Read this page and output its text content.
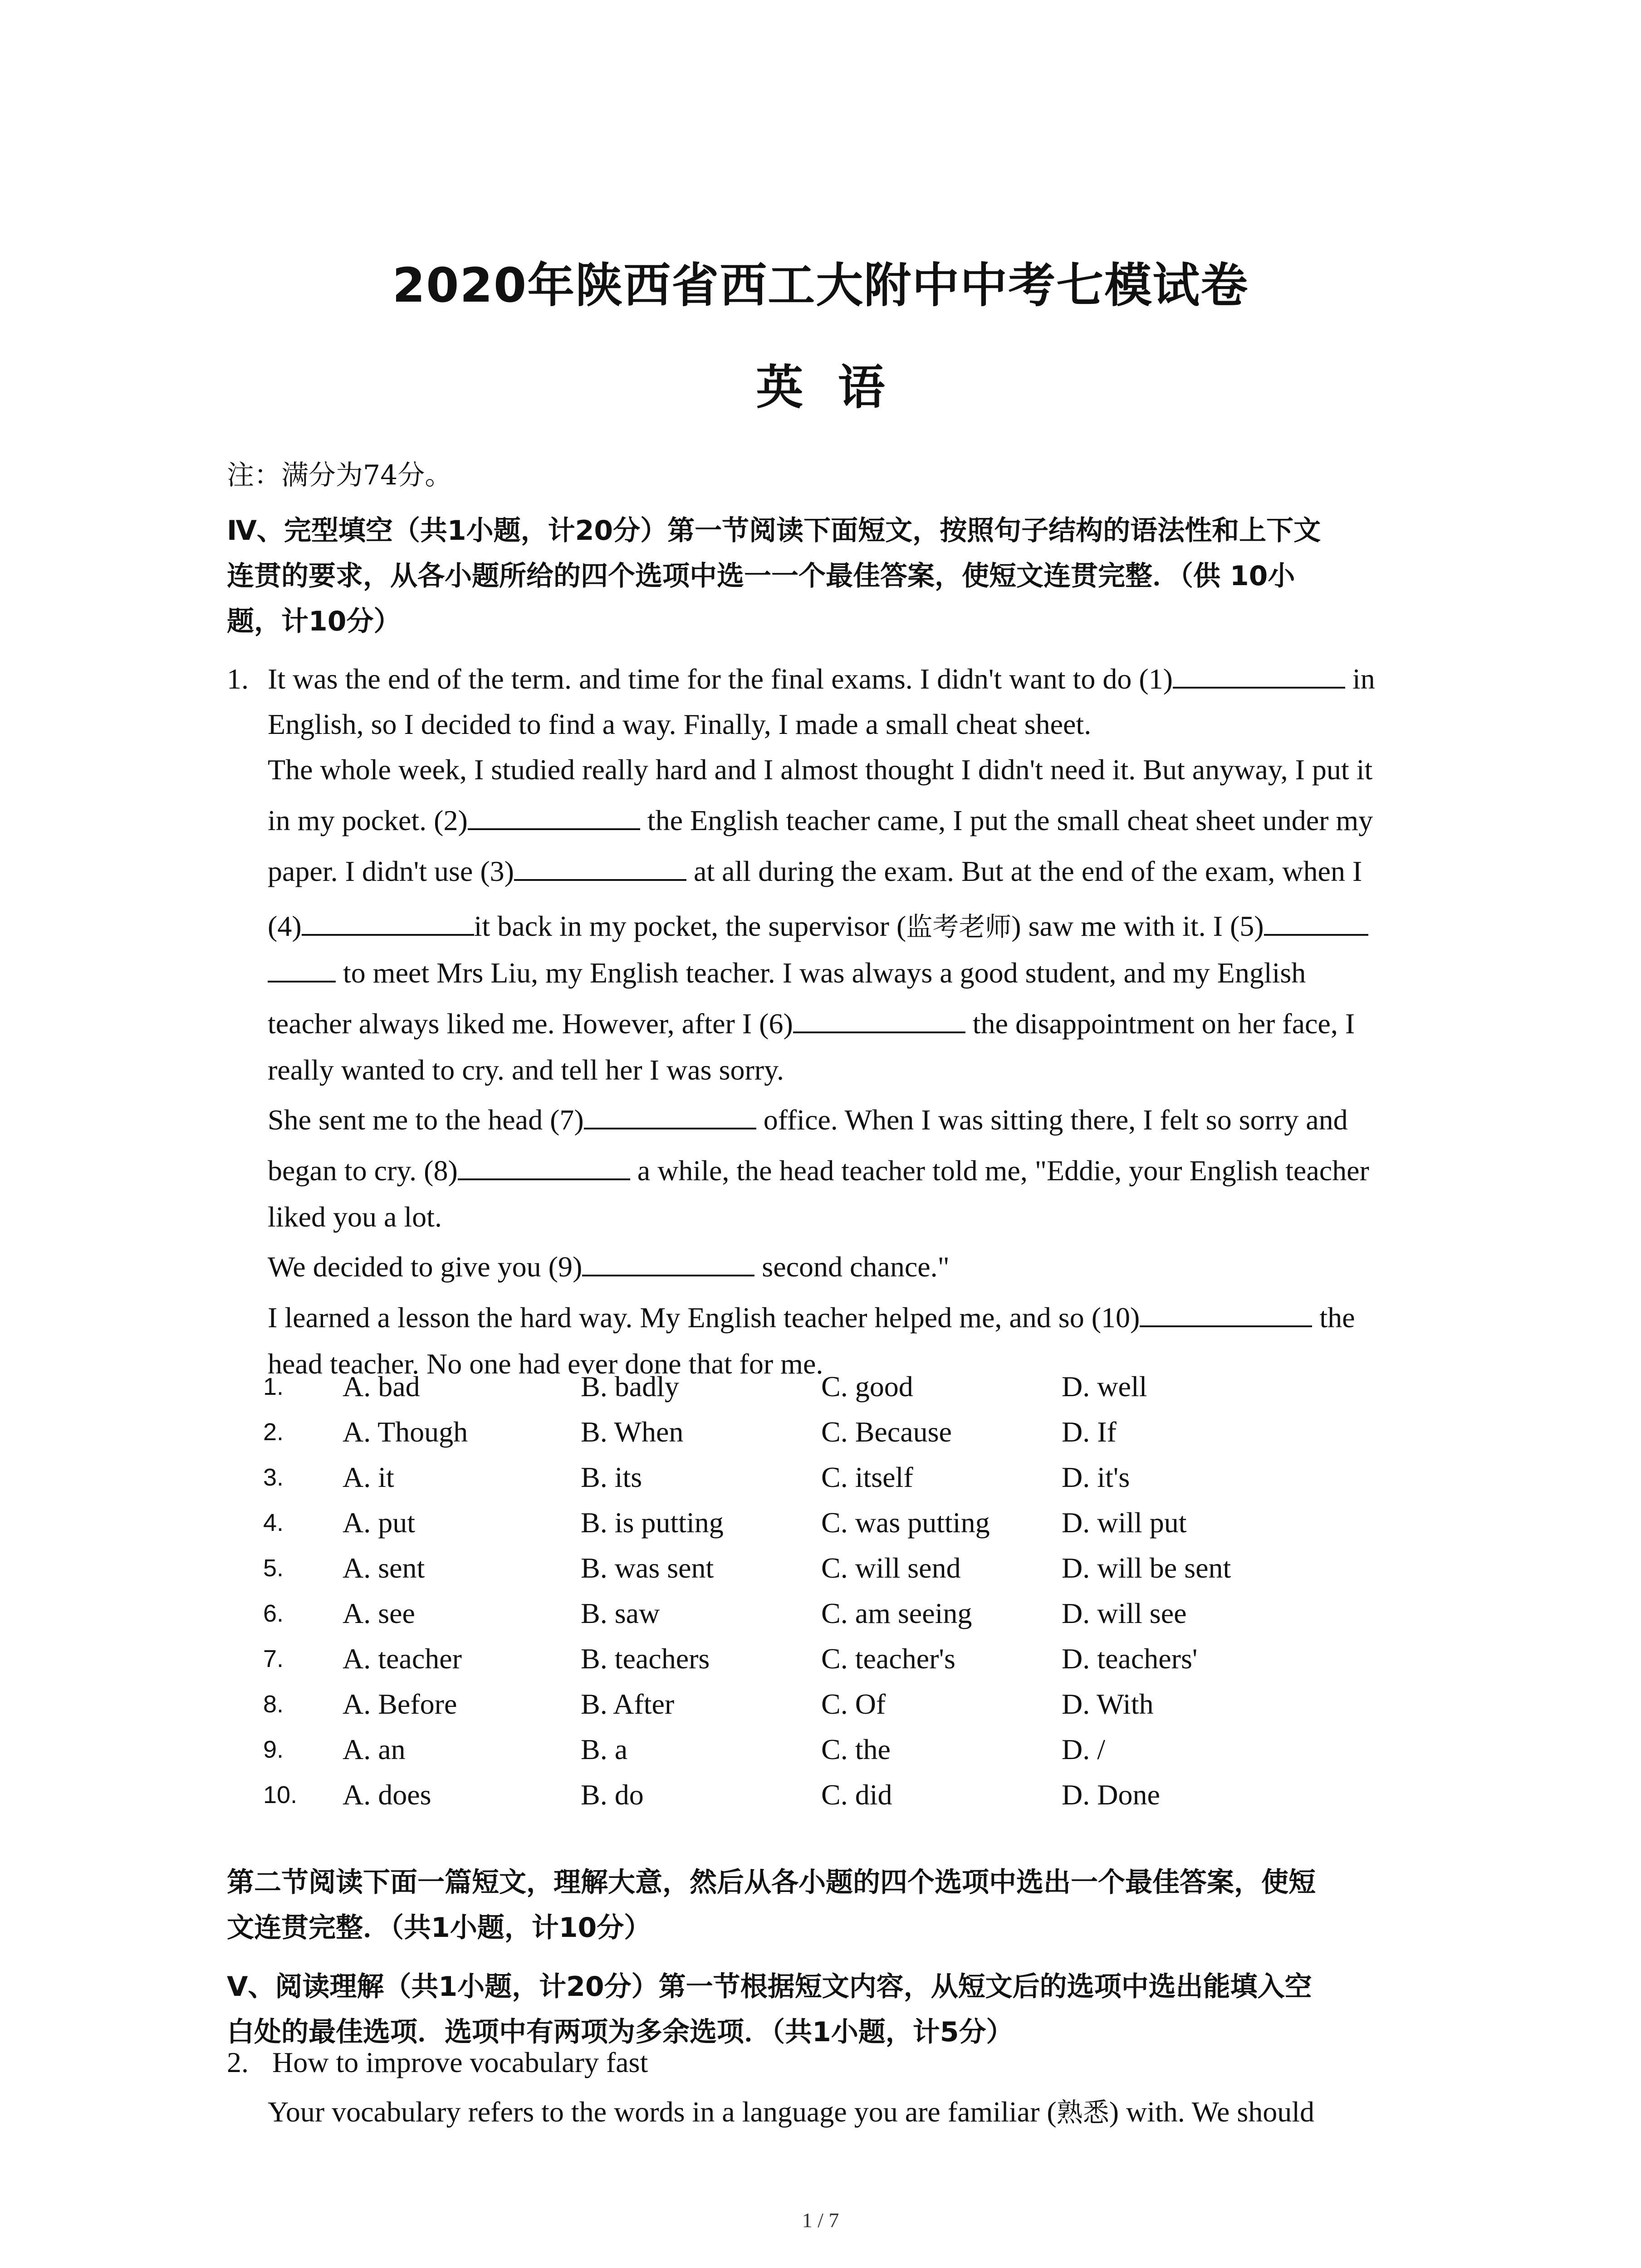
2020年陕西省西工大附中中考七模试卷
英 语
注：满分为74分。
Ⅳ、完型填空（共1小题，计20分）第一节阅读下面短文，按照句子结构的语法性和上下文
连贯的要求，从各小题所给的四个选项中选一一个最佳答案，使短文连贯完整．（供 10小
题，计10分）
1. It was the end of the term. and time for the final exams. I didn't want to do (1)	in
English, so I decided to find a way. Finally, I made a small cheat sheet.
The whole week, I studied really hard and I almost thought I didn't need it. But anyway, I put it
in my pocket. (2)	the English teacher came, I put the small cheat sheet under my
paper. I didn't use (3)	at all during the exam. But at the end of the exam, when I
(4)	it back in my pocket, the supervisor (监考老师) saw me with it. I (5)
to meet Mrs Liu, my English teacher. I was always a good student, and my English
teacher always liked me. However, after I (6)	the disappointment on her face, I
really wanted to cry. and tell her I was sorry.
She sent me to the head (7)	office. When I was sitting there, I felt so sorry and
began to cry. (8)	a while, the head teacher told me, "Eddie, your English teacher
liked you a lot.
We decided to give you (9)	second chance."
I learned a lesson the hard way. My English teacher helped me, and so (10)	the
head teacher. No one had ever done that for me.
1. A. bad	B. badly	C. good	D. well
2. A. Though	B. When	C. Because	D. If
3. A. it	B. its	C. itself	D. it's
4. A. put	B. is putting	C. was putting D. will put
5. A. sent	B. was sent	C. will send	D. will be sent
6. A. see	B. saw	C. am seeing	D. will see
7. A. teacher	B. teachers	C. teacher's	D. teachers'
8. A. Before	B. After	C. Of	D. With
9. A. an	B. a	C. the	D. /
10. A. does	B. do	C. did	D. Done
第二节阅读下面一篇短文，理解大意，然后从各小题的四个选项中选出一个最佳答案，使短
文连贯完整．（共1小题，计10分）
Ⅴ、阅读理解（共1小题，计20分）第一节根据短文内容，从短文后的选项中选出能填入空
白处的最佳选项．选项中有两项为多余选项．（共1小题，计5分）
2. How to improve vocabulary fast
Your vocabulary refers to the words in a language you are familiar (熟悉) with. We should
1 / 7
